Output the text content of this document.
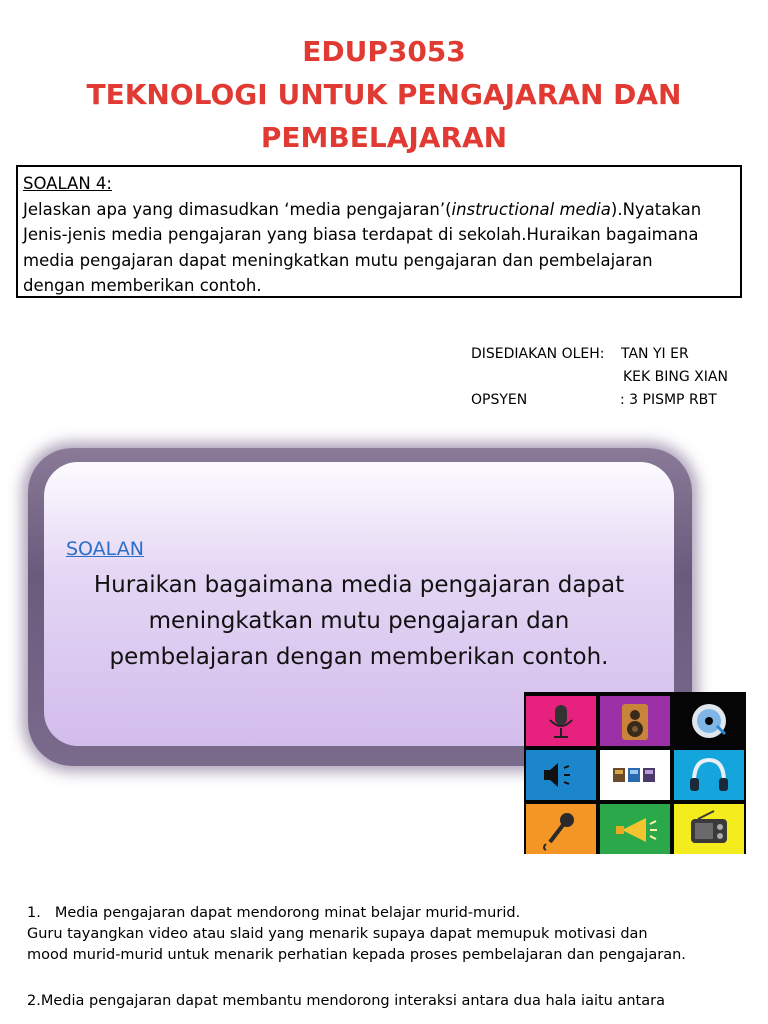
EDUP3053
TEKNOLOGI UNTUK PENGAJARAN DAN
PEMBELAJARAN
SOALAN 4:
Jelaskan apa yang dimasudkan ‘media pengajaran’(instructional media).Nyatakan
Jenis-jenis media pengajaran yang biasa terdapat di sekolah.Huraikan bagaimana
media pengajaran dapat meningkatkan mutu pengajaran dan pembelajaran
dengan memberikan contoh.
DISEDIAKAN OLEH: TAN YI ER
KEK BING XIAN
OPSYEN	: 3 PISMP RBT
SOALAN
Huraikan bagaimana media pengajaran dapat
meningkatkan mutu pengajaran dan
pembelajaran dengan memberikan contoh.
1. Media pengajaran dapat mendorong minat belajar murid-murid.
Guru tayangkan video atau slaid yang menarik supaya dapat memupuk motivasi dan
mood murid-murid untuk menarik perhatian kepada proses pembelajaran dan pengajaran.
2.Media pengajaran dapat membantu mendorong interaksi antara dua hala iaitu antara
